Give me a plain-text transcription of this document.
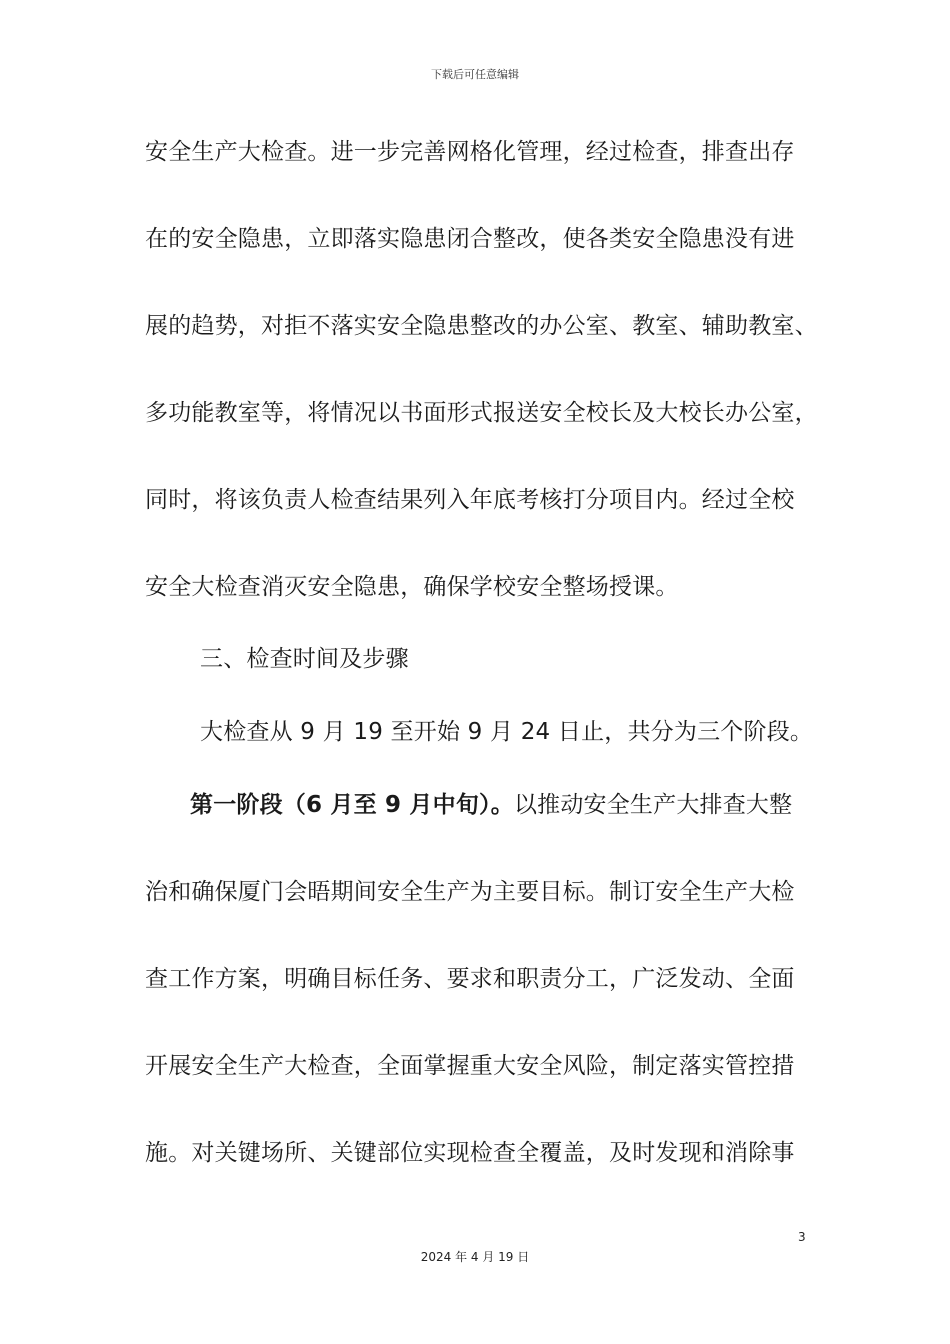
下载后可任意编辑
安全生产大检查。进一步完善网格化管理，经过检查，排查出存
在的安全隐患，立即落实隐患闭合整改，使各类安全隐患没有进
展的趋势，对拒不落实安全隐患整改的办公室、教室、辅助教室、
多功能教室等，将情况以书面形式报送安全校长及大校长办公室，
同时，将该负责人检查结果列入年底考核打分项目内。经过全校
安全大检查消灭安全隐患，确保学校安全整场授课。
三、检查时间及步骤
大检查从 9 月 19 至开始 9 月 24 日止，共分为三个阶段。
第一阶段（6 月至 9 月中旬）。以推动安全生产大排查大整
治和确保厦门会晤期间安全生产为主要目标。制订安全生产大检
查工作方案，明确目标任务、要求和职责分工，广泛发动、全面
开展安全生产大检查，全面掌握重大安全风险，制定落实管控措
施。对关键场所、关键部位实现检查全覆盖，及时发现和消除事
3
2024 年 4 月 19 日
